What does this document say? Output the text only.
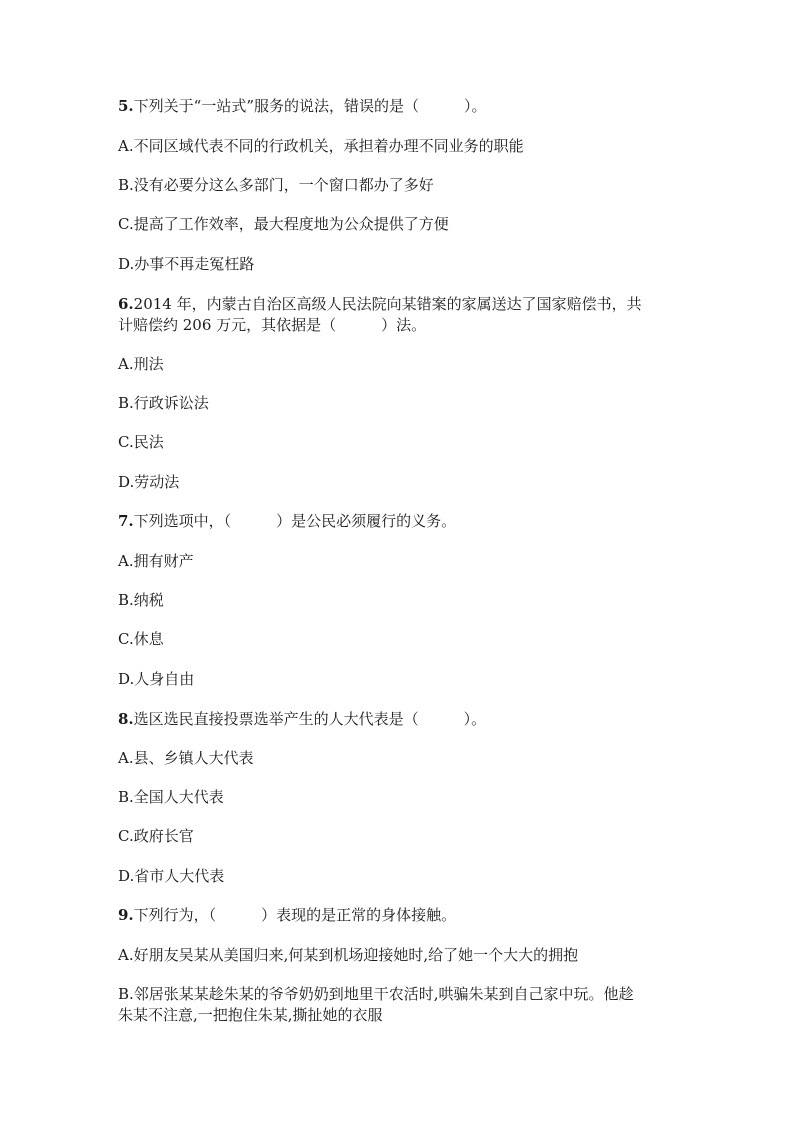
5.下列关于“一站式”服务的说法，错误的是（　　　）。
A.不同区域代表不同的行政机关，承担着办理不同业务的职能
B.没有必要分这么多部门，一个窗口都办了多好
C.提高了工作效率，最大程度地为公众提供了方便
D.办事不再走冤枉路
6.2014 年，内蒙古自治区高级人民法院向某错案的家属送达了国家赔偿书，共
计赔偿约 206 万元，其依据是（　　　）法。
A.刑法
B.行政诉讼法
C.民法
D.劳动法
7.下列选项中，（　　　）是公民必须履行的义务。
A.拥有财产
B.纳税
C.休息
D.人身自由
8.选区选民直接投票选举产生的人大代表是（　　　）。
A.县、乡镇人大代表
B.全国人大代表
C.政府长官
D.省市人大代表
9.下列行为，（　　　）表现的是正常的身体接触。
A.好朋友吴某从美国归来,何某到机场迎接她时,给了她一个大大的拥抱
B.邻居张某某趁朱某的爷爷奶奶到地里干农活时,哄骗朱某到自己家中玩。他趁
朱某不注意,一把抱住朱某,撕扯她的衣服
